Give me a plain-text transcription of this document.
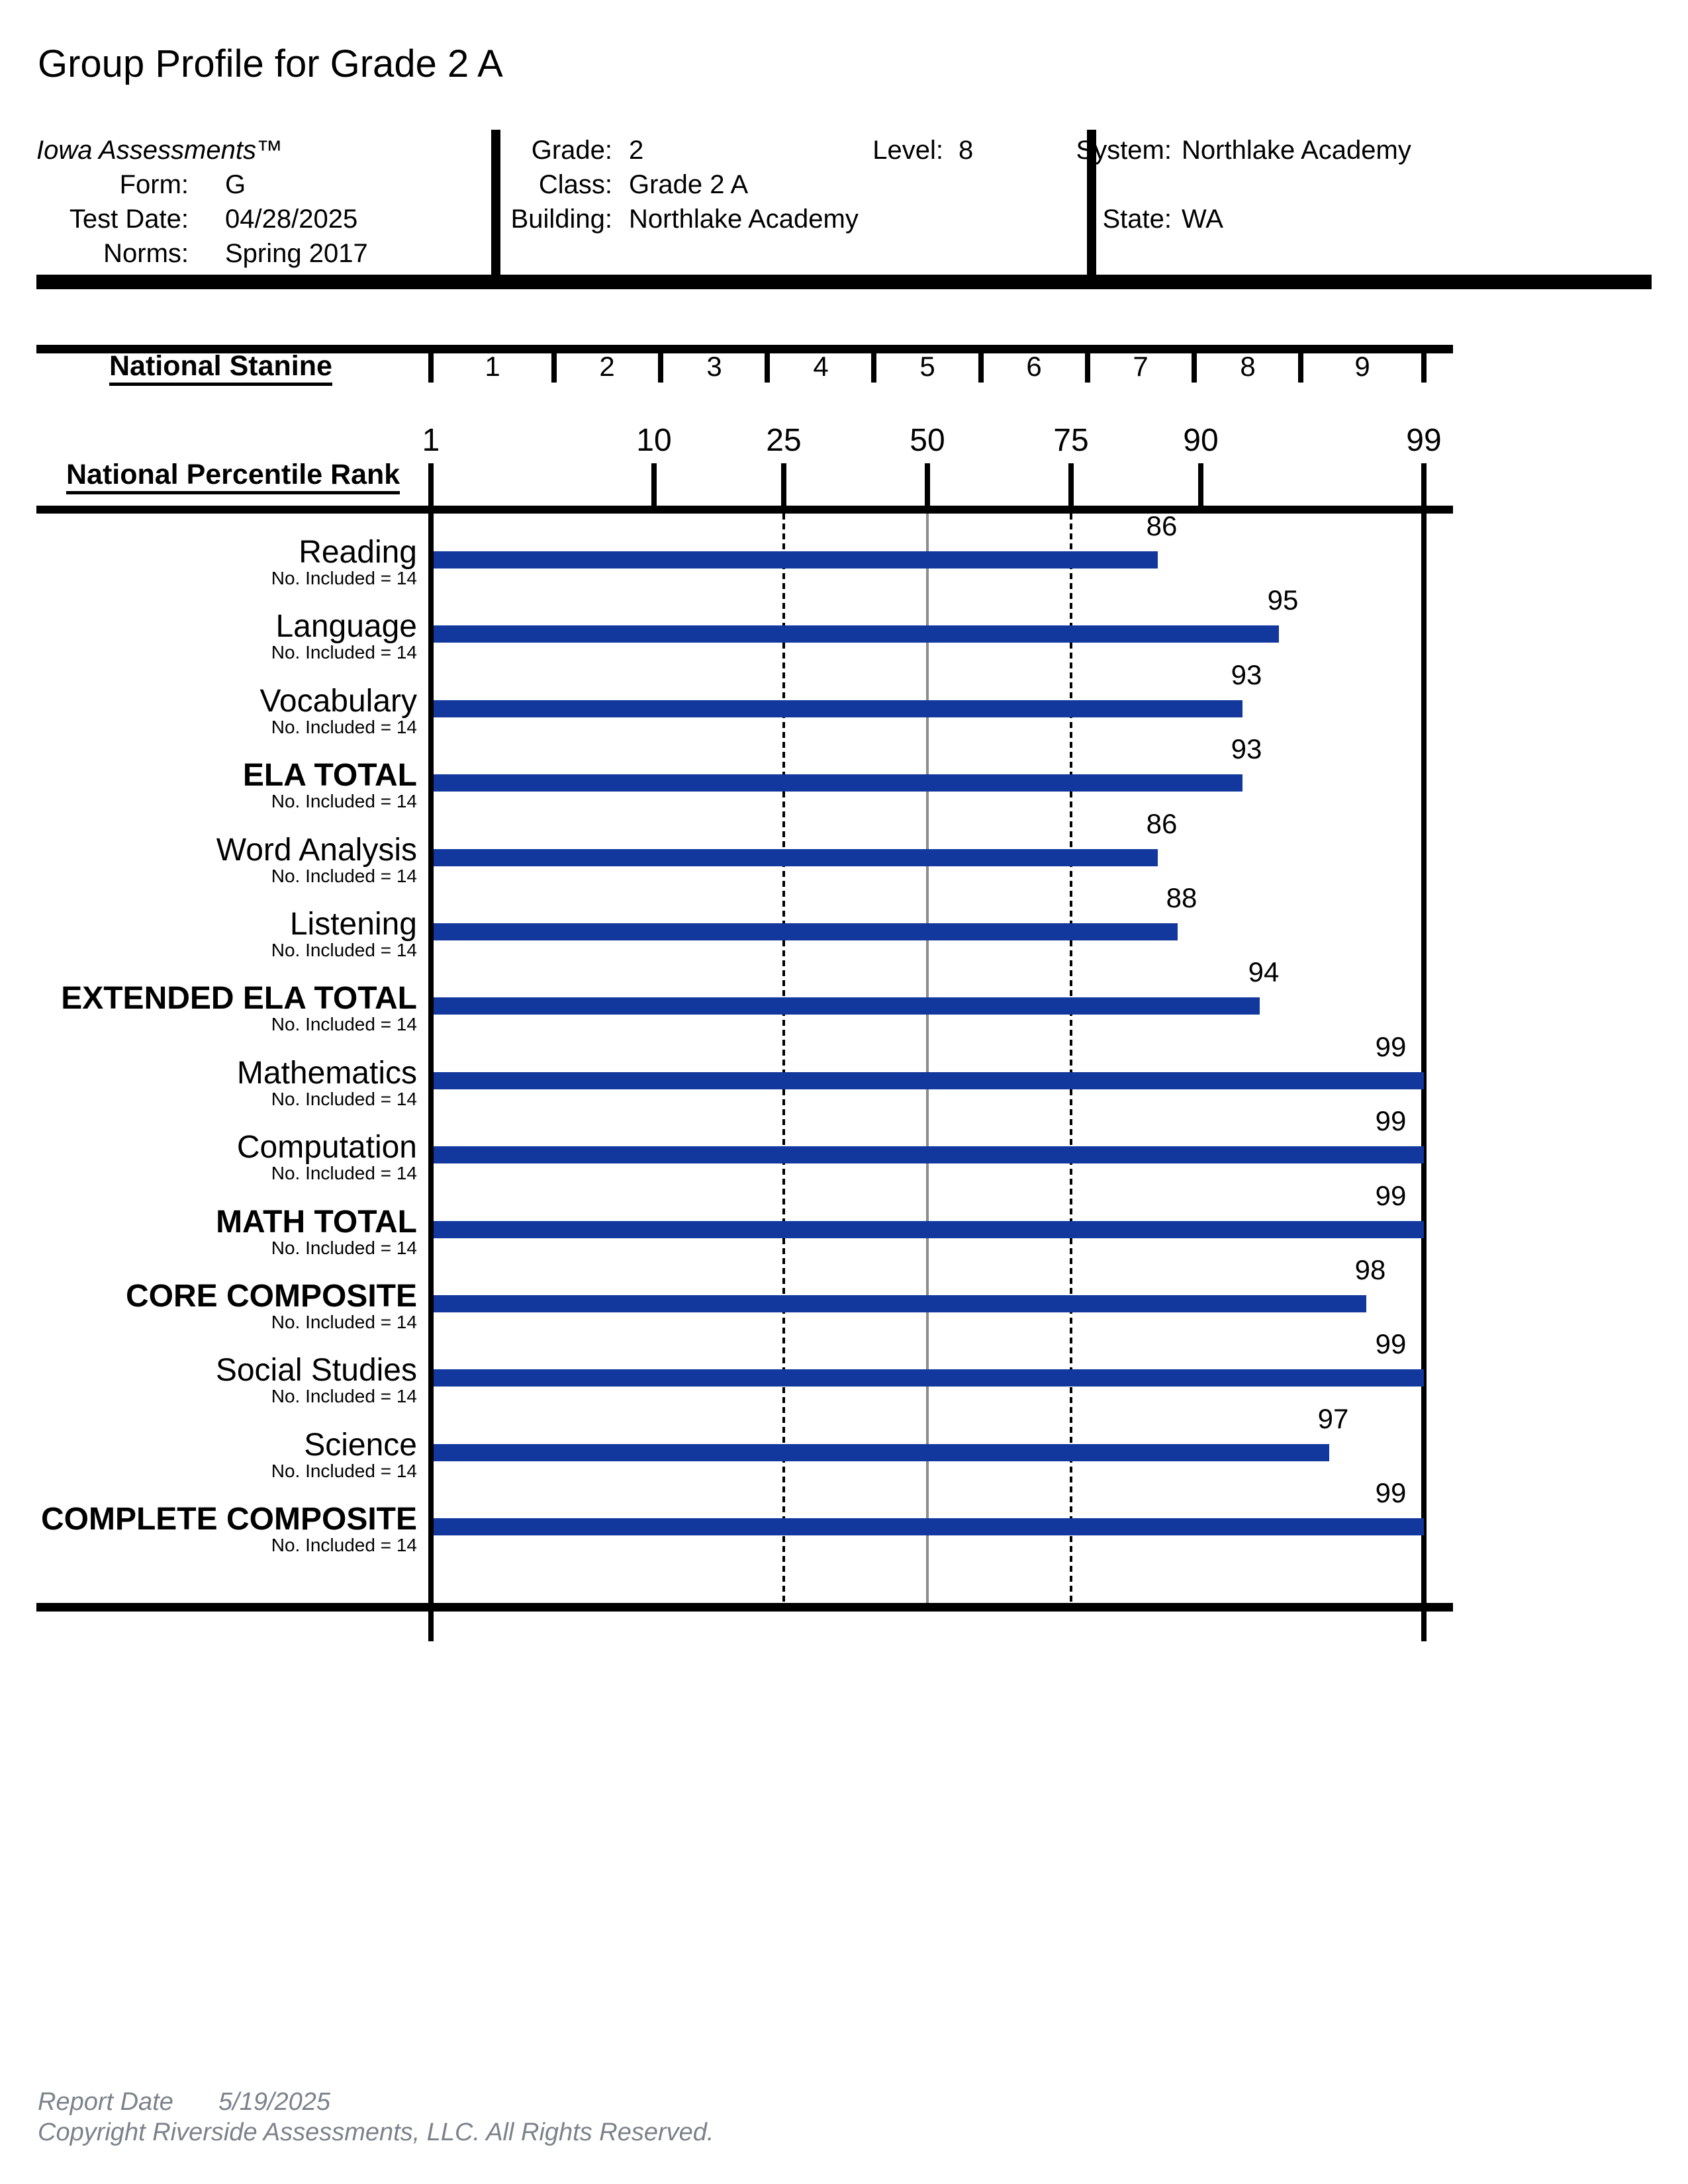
Group Profile for Grade 2 A
Iowa Assessments™
Form: G
Test Date: 04/28/2025
Norms: Spring 2017
Grade: 2
Class: Grade 2 A
Building: Northlake Academy
Level: 8	System: Northlake Academy
State: WA
National Stanine	1	2	3	4	5	6	7	8	9
1	10	25	50	75	90	99
National Percentile Rank
Reading
No. Included = 14
86
Language
No. Included = 14
95
Vocabulary
No. Included = 14
93
ELA TOTAL
No. Included = 14
93
Word Analysis
No. Included = 14
86
Listening
No. Included = 14
88
EXTENDED ELA TOTAL
No. Included = 14
94
Mathematics
No. Included = 14
99
Computation
No. Included = 14
99
MATH TOTAL
No. Included = 14
99
CORE COMPOSITE
No. Included = 14
98
Social Studies
No. Included = 14
99
Science
No. Included = 14
97
COMPLETE COMPOSITE
No. Included = 14
99
Report Date 5/19/2025
Copyright Riverside Assessments, LLC. All Rights Reserved.
